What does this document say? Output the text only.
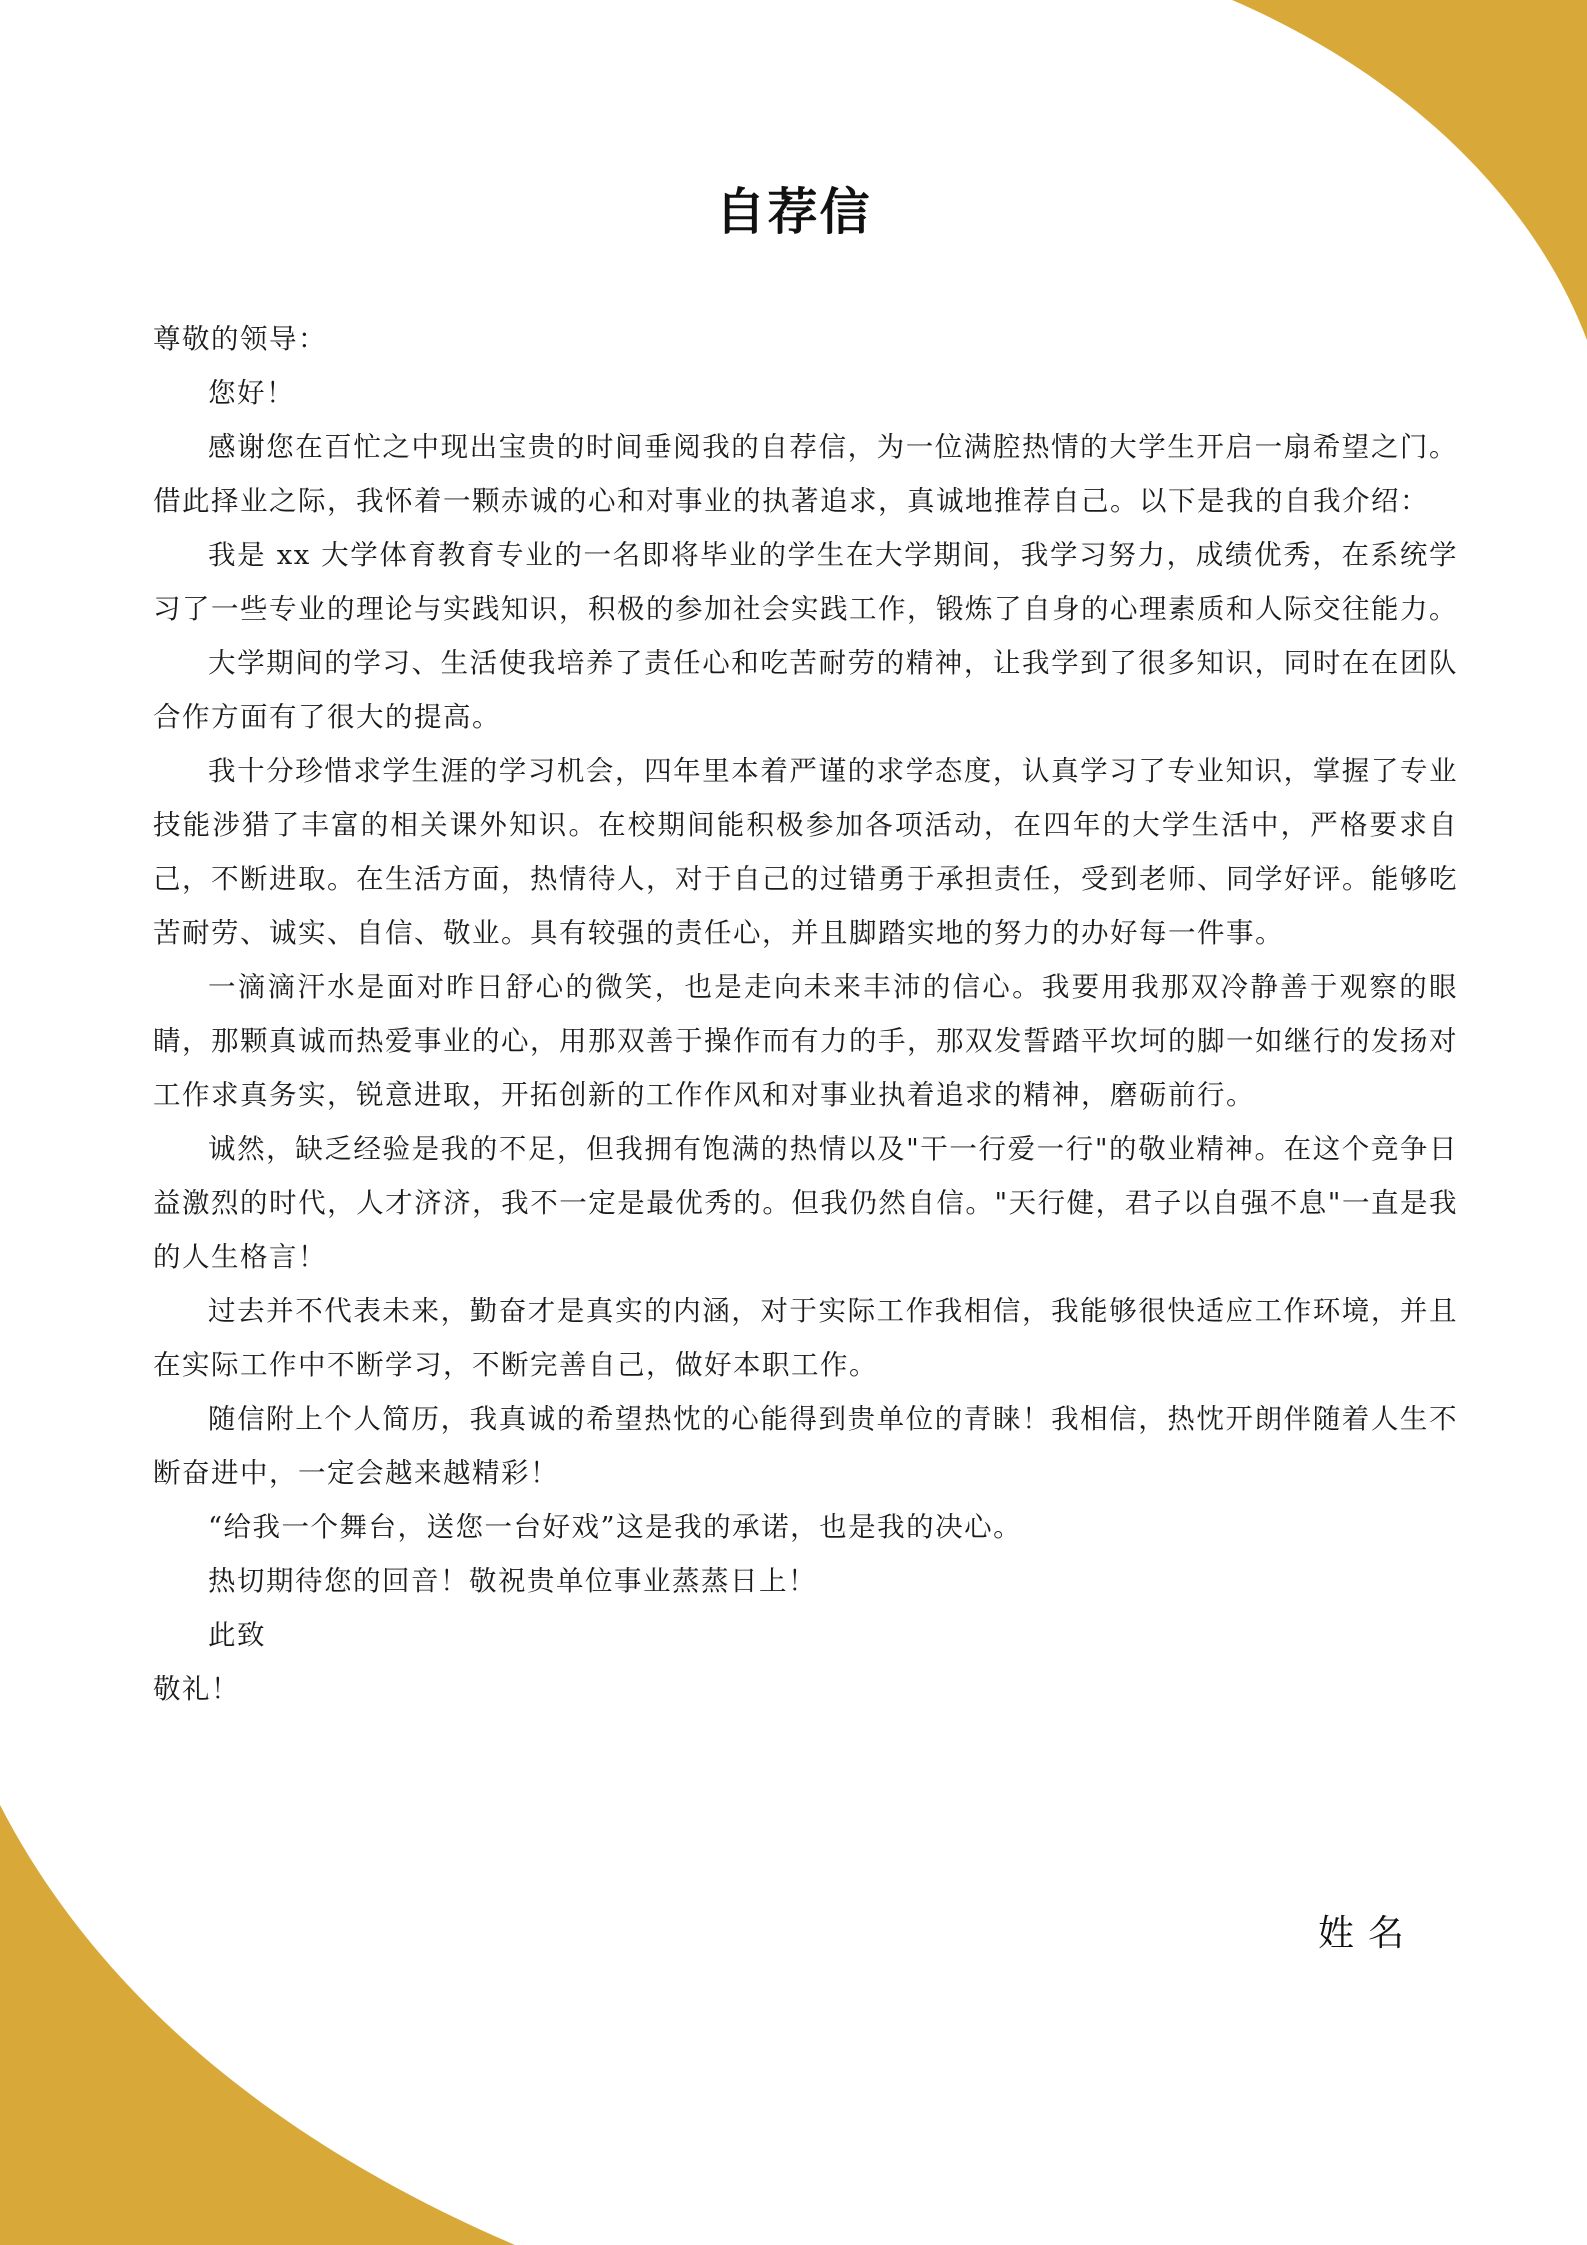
自荐信

尊敬的领导：

您好！

感谢您在百忙之中现出宝贵的时间垂阅我的自荐信，为一位满腔热情的大学生开启一扇希望之门。借此择业之际，我怀着一颗赤诚的心和对事业的执著追求，真诚地推荐自己。以下是我的自我介绍：

我是 xx 大学体育教育专业的一名即将毕业的学生在大学期间，我学习努力，成绩优秀，在系统学习了一些专业的理论与实践知识，积极的参加社会实践工作，锻炼了自身的心理素质和人际交往能力。

大学期间的学习、生活使我培养了责任心和吃苦耐劳的精神，让我学到了很多知识，同时在在团队合作方面有了很大的提高。

我十分珍惜求学生涯的学习机会，四年里本着严谨的求学态度，认真学习了专业知识，掌握了专业技能涉猎了丰富的相关课外知识。在校期间能积极参加各项活动，在四年的大学生活中，严格要求自己，不断进取。在生活方面，热情待人，对于自己的过错勇于承担责任，受到老师、同学好评。能够吃苦耐劳、诚实、自信、敬业。具有较强的责任心，并且脚踏实地的努力的办好每一件事。

一滴滴汗水是面对昨日舒心的微笑，也是走向未来丰沛的信心。我要用我那双冷静善于观察的眼睛，那颗真诚而热爱事业的心，用那双善于操作而有力的手，那双发誓踏平坎坷的脚一如继行的发扬对工作求真务实，锐意进取，开拓创新的工作作风和对事业执着追求的精神，磨砺前行。

诚然，缺乏经验是我的不足，但我拥有饱满的热情以及"干一行爱一行"的敬业精神。在这个竞争日益激烈的时代，人才济济，我不一定是最优秀的。但我仍然自信。"天行健，君子以自强不息"一直是我的人生格言！

过去并不代表未来，勤奋才是真实的内涵，对于实际工作我相信，我能够很快适应工作环境，并且在实际工作中不断学习，不断完善自己，做好本职工作。

随信附上个人简历，我真诚的希望热忱的心能得到贵单位的青睐！我相信，热忱开朗伴随着人生不断奋进中，一定会越来越精彩！

“给我一个舞台，送您一台好戏”这是我的承诺，也是我的决心。

热切期待您的回音！敬祝贵单位事业蒸蒸日上！

此致

敬礼！

姓名
